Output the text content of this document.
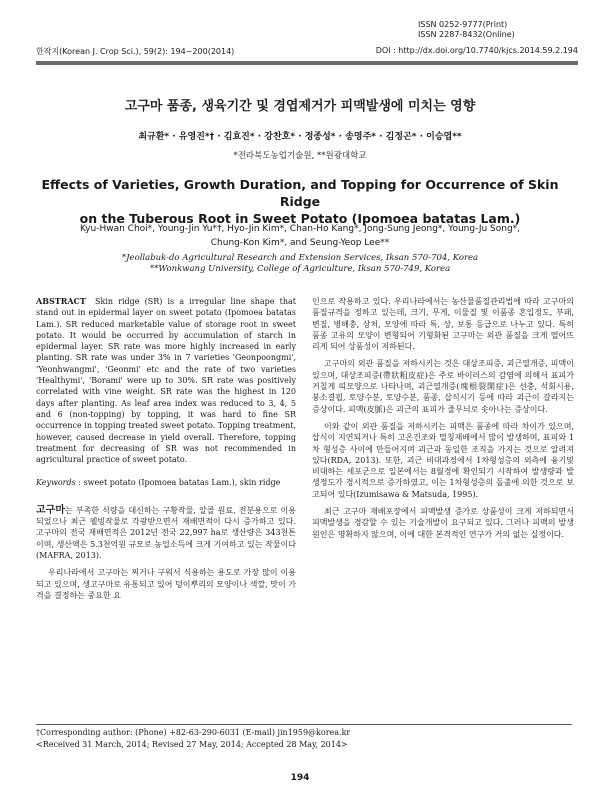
ISSN 0252-9777(Print)
ISSN 2287-8432(Online)
한작지(Korean J. Crop Sci.), 59(2): 194~200(2014)	DOI : http://dx.doi.org/10.7740/kjcs.2014.59.2.194
고구마 품종, 생육기간 및 경엽제거가 피맥발생에 미치는 영향
최규환* · 유영진*† · 김효진* · 강찬호* · 정종성* · 송영주* · 김정곤* · 이승엽**
*전라북도농업기술원, **원광대학교
Effects of Varieties, Growth Duration, and Topping for Occurrence of Skin Ridge
on the Tuberous Root in Sweet Potato (Ipomoea batatas Lam.)
Kyu-Hwan Choi*, Young-Jin Yu*†, Hyo-Jin Kim*, Chan-Ho Kang*, Jong-Sung Jeong*, Young-Ju Song*,
Chung-Kon Kim*, and Seung-Yeop Lee**
*Jeollabuk-do Agricultural Research and Extension Services, Iksan 570-704, Korea
**Wonkwang University, College of Agriculture, Iksan 570-749, Korea

ABSTRACT Skin ridge (SR) is a irregular line shape that stand out in epidermal layer on sweet potato (Ipomoea batatas Lam.). SR reduced marketable value of storage root in sweet potato. It would be occurred by accumulation of starch in epidermal layer. SR rate was more highly increased in early planting. SR rate was under 3% in 7 varieties 'Geonpoongmi', 'Yeonhwangmi', 'Geonmi' etc and the rate of two varieties 'Healthymi', 'Borami' were up to 30%. SR rate was positively correlated with vine weight. SR rate was the highest in 120 days after planting. As leaf area index was reduced to 3, 4, 5 and 6 (non-topping) by topping, it was hard to fine SR occurrence in topping treated sweet potato. Topping treatment, however, caused decrease in yield overall. Therefore, topping treatment for decreasing of SR was not recommended in agricultural practice of sweet potato.

Keywords : sweet potato (Ipomoea batatas Lam.), skin ridge

고구마는 부족한 식량을 대신하는 구황작물, 알콜 원료, 전분용으로 이용되었으나 최근 웰빙작물로 각광받으면서 재배면적이 다시 증가하고 있다. 고구마의 전국 재배면적은 2012년 전국 22,997 ha로 생산량은 343천톤이며, 생산액은 5.3천억원 규모로 농업소득에 크게 기여하고 있는 작물이다(MAFRA, 2013).

우리나라에서 고구마는 찌거나 구워서 식용하는 용도로 가장 많이 이용되고 있으며, 생고구마로 유통되고 있어 덩이뿌리의 모양이나 색깔, 맛이 가격을 결정하는 중요한 요

인으로 작용하고 있다. 우리나라에서는 농산물품질관리법에 따라 고구마의 품질규격을 정하고 있는데, 크기, 무게, 이물질 및 이품종 혼입정도, 부패, 변질, 병해충, 상처, 모양에 따라 특, 상, 보통 등급으로 나누고 있다. 특히 품종 고유의 모양이 변형되어 기형화된 고구마는 외관 품질을 크게 떨어뜨리게 되어 상품성이 저하된다.

고구마의 외관 품질을 저하시키는 것은 대상조피증, 괴근열개증, 피맥이 있으며, 대상조피증(帶狀粗皮症)은 주로 바이러스의 감염에 의해서 표피가 거칠게 띠모양으로 나타나며, 괴근열개증(塊根裂開症)은 선충, 석회시용, 붕소결핍, 토양수분, 토양수분, 품종, 삽식시기 등에 따라 괴근이 갈라지는 증상이다. 피맥(皮脈)은 괴근의 표피가 줄무늬로 솟아나는 증상이다.

이와 같이 외관 품질을 저하시키는 피맥은 품종에 따라 차이가 있으며, 삽식이 지연되거나 특히 고온건조와 멀칭재배에서 많이 발생하며, 표피와 1차 형성층 사이에 만들어지며 괴근과 동일한 조직을 가지는 것으로 알려져 있다(RDA, 2013). 또한, 괴근 비대과정에서 1차형성층의 외측에 융기및 비대하는 세포군으로 일본에서는 8월경에 확인되기 시작하여 발생량과 발생정도가 경시적으로 증가하였고, 이는 1차형성층의 돌출에 의한 것으로 보고되어 있다(Izumisawa & Matsuda, 1995).

최근 고구마 재배포장에서 피맥발생 증가로 상품성이 크게 저하되면서 피맥발생을 경감할 수 있는 기술개발이 요구되고 있다. 그러나 피맥의 발생원인은 명확하지 않으며, 이에 대한 본격적인 연구가 거의 없는 실정이다.

†Corresponding author: (Phone) +82-63-290-6031 (E-mail) jin1959@korea.kr
<Received 31 March, 2014; Revised 27 May, 2014; Accepted 28 May, 2014>
194
